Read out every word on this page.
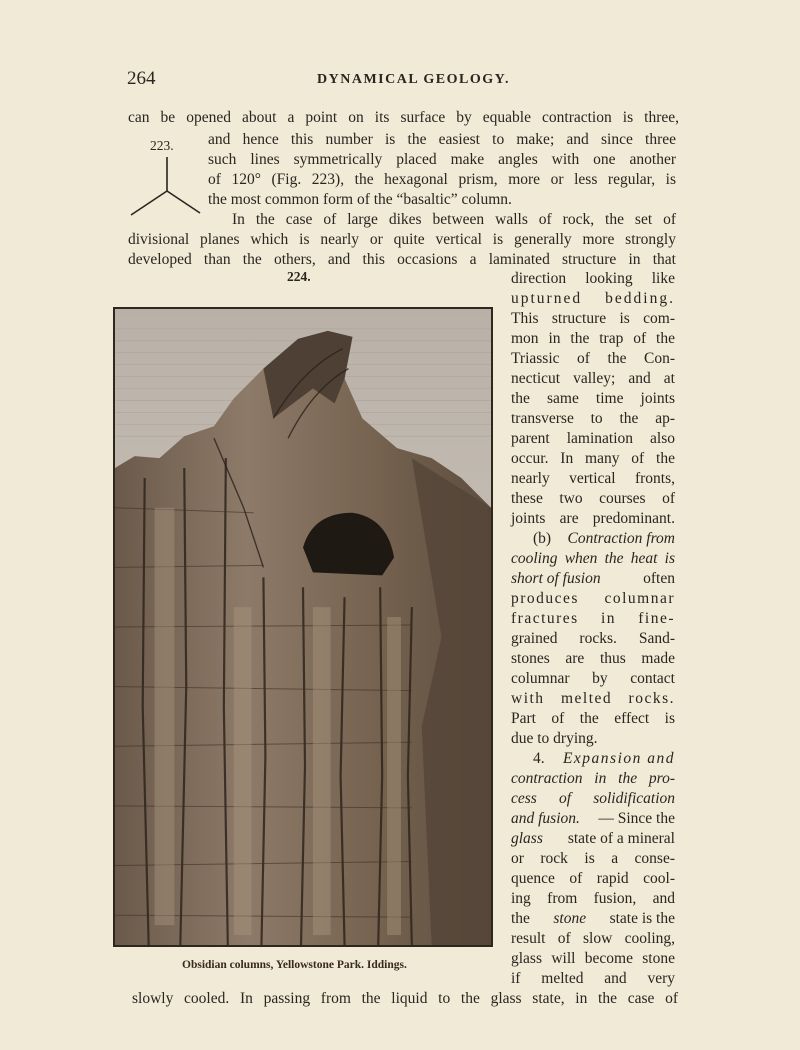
264	DYNAMICAL GEOLOGY.
can be opened about a point on its surface by equable contraction is three,
223. and hence this number is the easiest to make; and since three
such lines symmetrically placed make angles with one another
of 120° (Fig. 223), the hexagonal prism, more or less regular, is
the most common form of the “basaltic” column.
In the case of large dikes between walls of rock, the set of
divisional planes which is nearly or quite vertical is generally more strongly
developed than the others, and this occasions a laminated structure in that
224.
Obsidian columns, Yellowstone Park. Iddings.
direction looking like
upturned bedding.
This structure is com-
mon in the trap of the
Triassic of the Con-
necticut valley; and at
the same time joints
transverse to the ap-
parent lamination also
occur. In many of the
nearly vertical fronts,
these two courses of
joints are predominant.
(b) Contraction from
cooling when the heat is
short of fusion	often
produces columnar
fractures in fine-
grained rocks. Sand-
stones are thus made
columnar by contact
with melted rocks.
Part of the effect is
due to drying.
4. Expansion and
contraction in the pro-
cess of solidification
and fusion. — Since the
glass state of a mineral
or rock is a conse-
quence of rapid cool-
ing from fusion, and
the stone state is the
result of slow cooling,
glass will become stone
if melted and very
slowly cooled. In passing from the liquid to the glass state, in the case of
